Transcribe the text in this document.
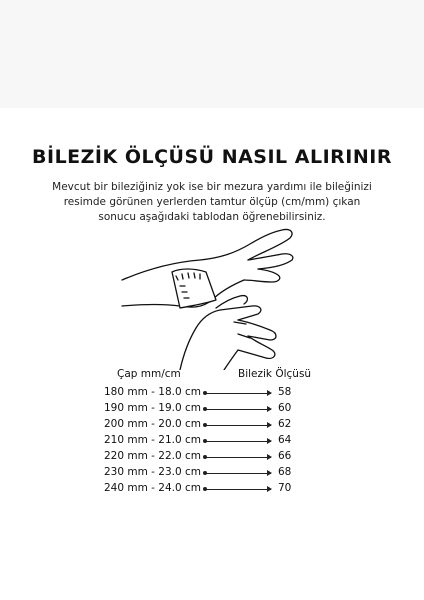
BİLEZİK ÖLÇÜSÜ NASIL ALIRINIR
Mevcut bir bileziğiniz yok ise bir mezura yardımı ile bileğinizi
resimde görünen yerlerden tamtur ölçüp (cm/mm) çıkan
sonucu aşağıdaki tablodan öğrenebilirsiniz.
Çap mm/cm	Bilezik Ölçüsü
180 mm - 18.0 cm	58
190 mm - 19.0 cm	60
200 mm - 20.0 cm	62
210 mm - 21.0 cm	64
220 mm - 22.0 cm	66
230 mm - 23.0 cm	68
240 mm - 24.0 cm	70
